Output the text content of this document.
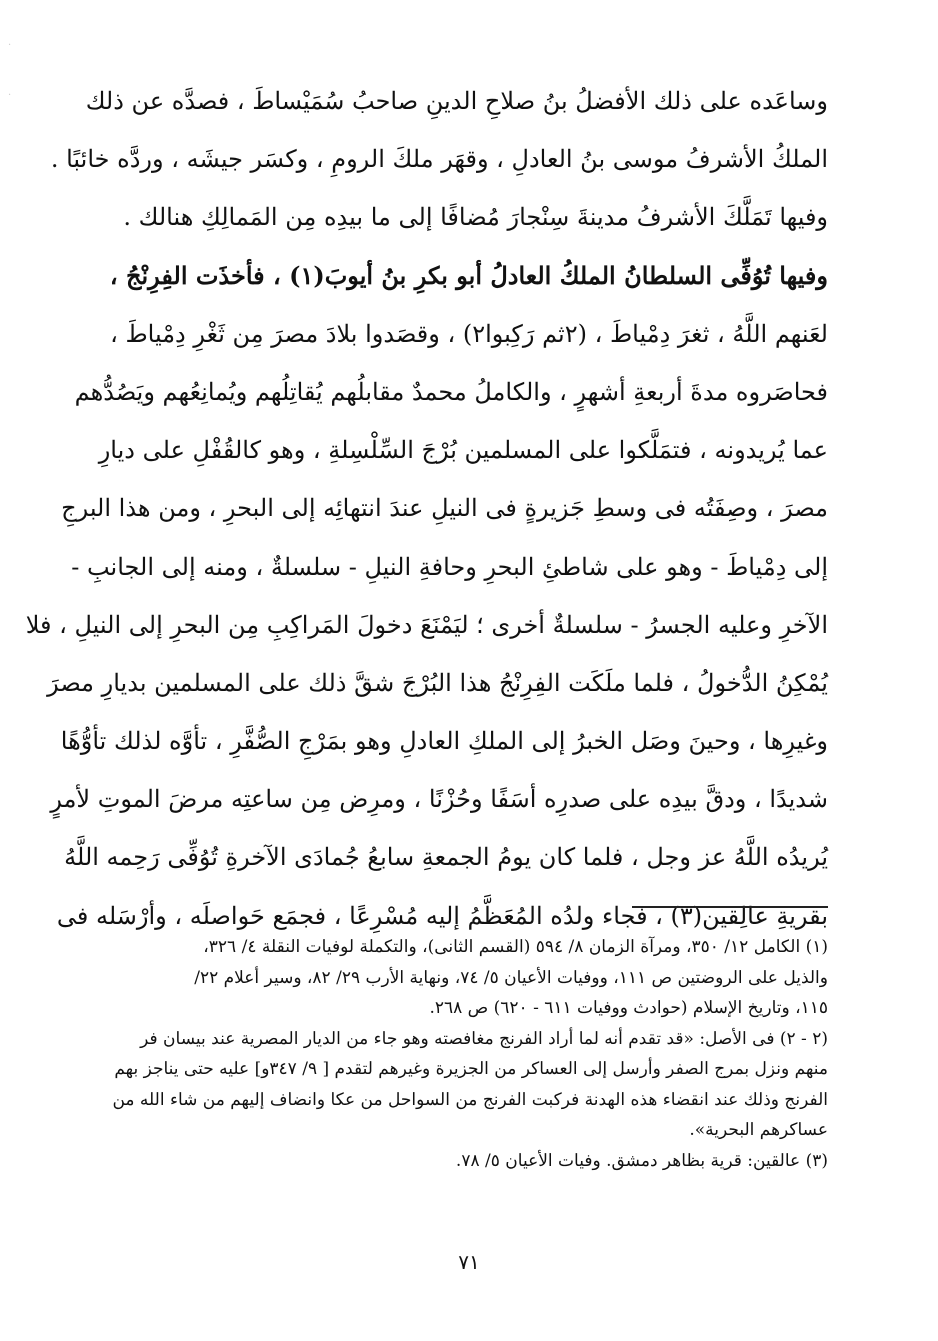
·
·	وساعَده على ذلك الأفضلُ بنُ صلاحِ الدينِ صاحبُ سُمَيْساطَ ، فصدَّه عن ذلك
الملكُ الأشرفُ موسى بنُ العادلِ ، وقهَر ملكَ الرومِ ، وكسَر جيشَه ، وردَّه خائبًا .
وفيها تَمَلَّكَ الأشرفُ مدينةَ سِنْجارَ مُضافًا إلى ما بيدِه مِن المَمالِكِ هنالك .
وفيها تُوُفِّى السلطانُ الملكُ العادلُ أبو بكرِ بنُ أيوبَ(١) ، فأخذَت الفِرِنْجُ ،
لعَنهم اللَّهُ ، ثغرَ دِمْياطَ ، (٢ثم رَكِبوا٢) ، وقصَدوا بلادَ مصرَ مِن ثَغْرِ دِمْياطَ ،
فحاصَروه مدةَ أربعةِ أشهرٍ ، والكاملُ محمدٌ مقابلُهم يُقاتِلُهم ويُمانِعُهم ويَصُدُّهم
عما يُريدونه ، فتمَلَّكوا على المسلمين بُرْجَ السِّلْسِلةِ ، وهو كالقُفْلِ على ديارِ
مصرَ ، وصِفَتُه فى وسطِ جَزيرةٍ فى النيلِ عندَ انتهائِه إلى البحرِ ، ومن هذا البرجِ
إلى دِمْياطَ - وهو على شاطئِ البحرِ وحافةِ النيلِ - سلسلةٌ ، ومنه إلى الجانبِ -
الآخرِ وعليه الجسرُ - سلسلةٌ أخرى ؛ ليَمْنَعَ دخولَ المَراكِبِ مِن البحرِ إلى النيلِ ، فلا
يُمْكِنُ الدُّخولُ ، فلما ملَكَت الفِرِنْجُ هذا البُرْجَ شقَّ ذلك على المسلمين بديارِ مصرَ
وغيرِها ، وحينَ وصَل الخبرُ إلى الملكِ العادلِ وهو بمَرْجِ الصُّفَّرِ ، تأوَّه لذلك تأوُّهًا
شديدًا ، ودقَّ بيدِه على صدرِه أسَفًا وحُزْنًا ، ومرِض مِن ساعتِه مرضَ الموتِ لأمرٍ
يُريدُه اللَّهُ عز وجل ، فلما كان يومُ الجمعةِ سابعُ جُمادَى الآخرةِ تُوُفِّى رَحِمه اللَّهُ
بقريةِ عالِقين(٣) ، فجاء ولدُه المُعَظَّمُ إليه مُسْرِعًا ، فجمَع حَواصلَه ، وأرْسَله فى
(١) الكامل ١٢/ ٣٥٠، ومرآة الزمان ٨/ ٥٩٤ (القسم الثانى)، والتكملة لوفيات النقلة ٤/ ٣٢٦،
والذيل على الروضتين ص ١١١، ووفيات الأعيان ٥/ ٧٤، ونهاية الأرب ٢٩/ ٨٢، وسير أعلام ٢٢/
١١٥، وتاريخ الإسلام (حوادث ووفيات ٦١١ - ٦٢٠) ص ٢٦٨.
(٢ - ٢) فى الأصل: «قد تقدم أنه لما أراد الفرنج مغافصته وهو جاء من الديار المصرية عند بيسان فر
منهم ونزل بمرج الصفر وأرسل إلى العساكر من الجزيرة وغيرهم لتقدم [ ٩/ ٣٤٧و] عليه حتى يناجز بهم
الفرنج وذلك عند انقضاء هذه الهدنة فركبت الفرنج من السواحل من عكا وانضاف إليهم من شاء الله من
عساكرهم البحرية».
(٣) عالقين: قرية بظاهر دمشق. وفيات الأعيان ٥/ ٧٨.
٧١
